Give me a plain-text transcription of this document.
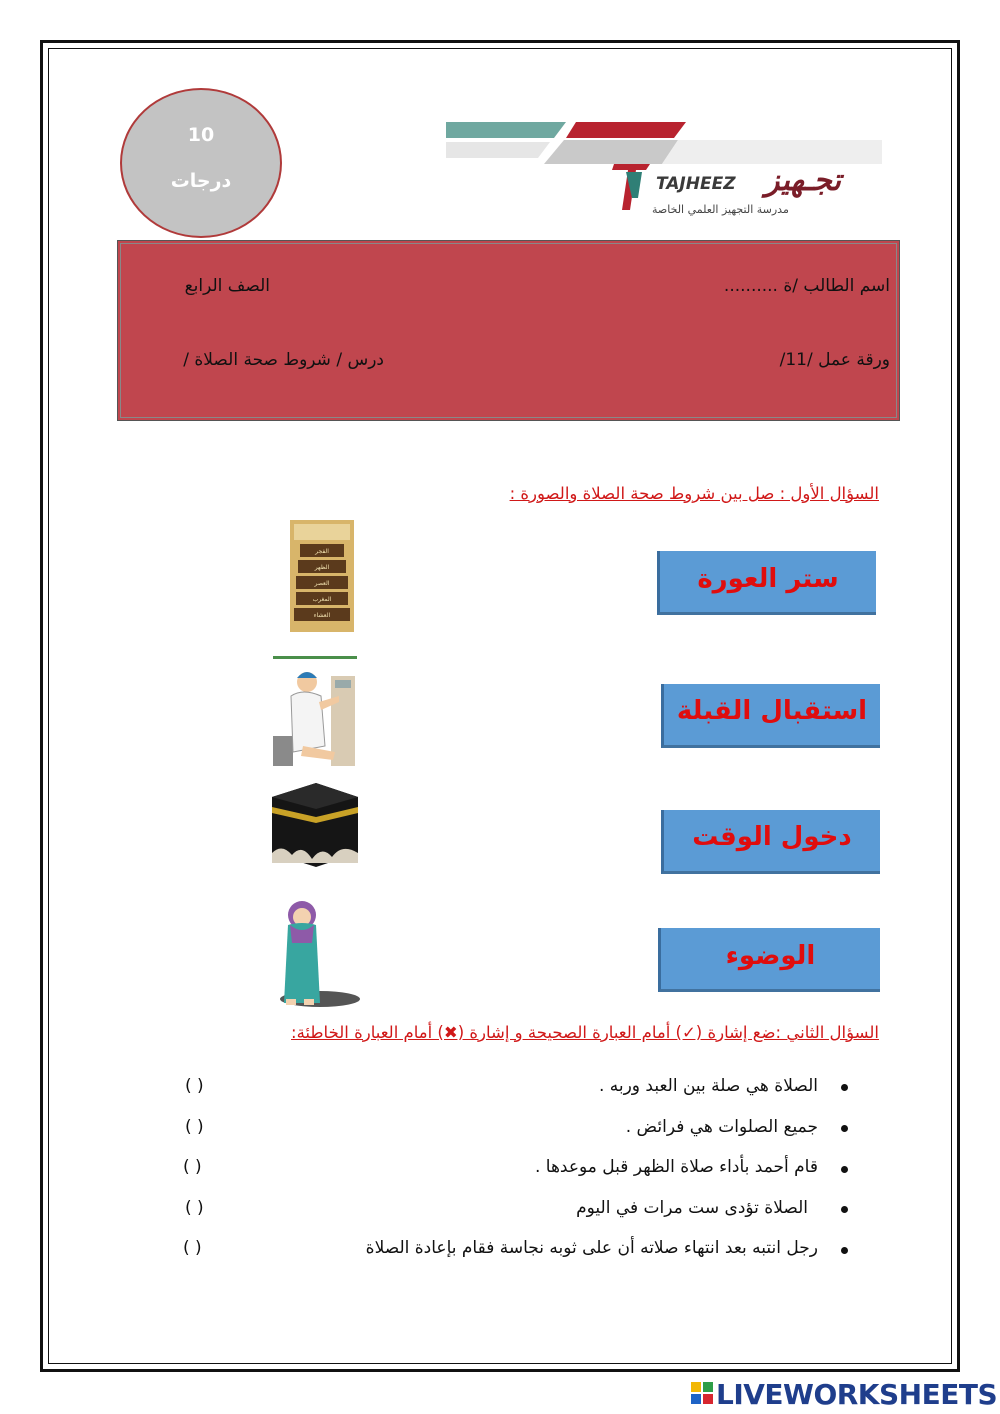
10
درجات	تجـهيز
TAJHEEZ
مدرسة التجهيز العلمي الخاصة
اسم الطالب /ة ..........
الصف الرابع
ورقة عمل /11/
درس / شروط صحة الصلاة /
السؤال الأول : صل بين شروط صحة الصلاة والصورة :
ستر العورة
استقبال القبلة
دخول الوقت
الوضوء
الفجر
الظهر
العصر
المغرب
العشاء
السؤال الثاني :ضع إشارة (✓) أمام العبارة الصحيحة و إشارة (✖) أمام العبارة الخاطئة:
الصلاة هي صلة بين العبد وربه .
( )
جميع الصلوات هي فرائض .
( )
قام أحمد بأداء صلاة الظهر قبل موعدها .
( )
الصلاة تؤدى ست مرات في اليوم
( )
رجل انتبه بعد انتهاء صلاته أن على ثوبه نجاسة فقام بإعادة الصلاة
( )
LIVEWORKSHEETS
